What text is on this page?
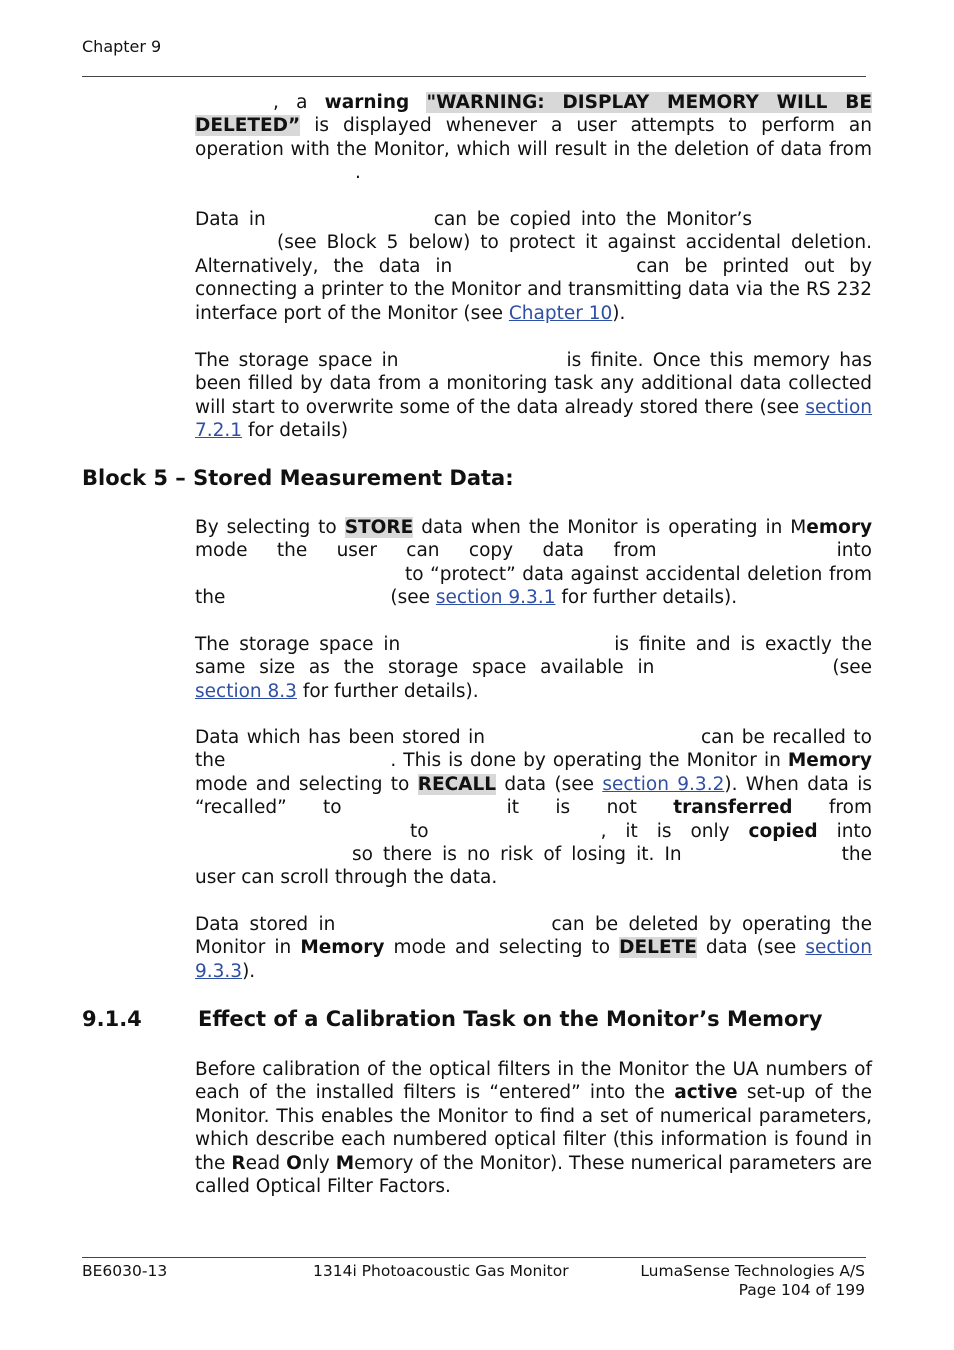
Chapter 9

, a warning "WARNING: DISPLAY MEMORY WILL BE DELETED” is displayed whenever a user attempts to perform an operation with the Monitor, which will result in the deletion of data from.

Data in	can be copied into the Monitor’s (see Block 5 below) to protect it against accidental deletion. Alternatively, the data in	can be printed out by connecting a printer to the Monitor and transmitting data via the RS 232 interface port of the Monitor (see Chapter 10).

The storage space in	is finite. Once this memory has been filled by data from a monitoring task any additional data collected will start to overwrite some of the data already stored there (see section 7.2.1 for details)

Block 5 – Stored Measurement Data:

By selecting to STORE data when the Monitor is operating in Memory mode the user can copy data from	into to “protect” data against accidental deletion from the	(see section 9.3.1 for further details).

The storage space in	is finite and is exactly the same size as the storage space available in	(see section 8.3 for further details).

Data which has been stored in	can be recalled to the	. This is done by operating the Monitor in Memory mode and selecting to RECALL data (see section 9.3.2). When data is “recalled” to	it is not transferred from to	, it is only copied into so there is no risk of losing it. In	the user can scroll through the data.

Data stored in	can be deleted by operating the Monitor in Memory mode and selecting to DELETE data (see section 9.3.3).

9.1.4	Effect of a Calibration Task on the Monitor’s Memory

Before calibration of the optical filters in the Monitor the UA numbers of each of the installed filters is “entered” into the active set-up of the Monitor. This enables the Monitor to find a set of numerical parameters, which describe each numbered optical filter (this information is found in the Read Only Memory of the Monitor). These numerical parameters are called Optical Filter Factors.

BE6030-13	1314i Photoacoustic Gas Monitor	LumaSense Technologies A/S
Page 104 of 199
